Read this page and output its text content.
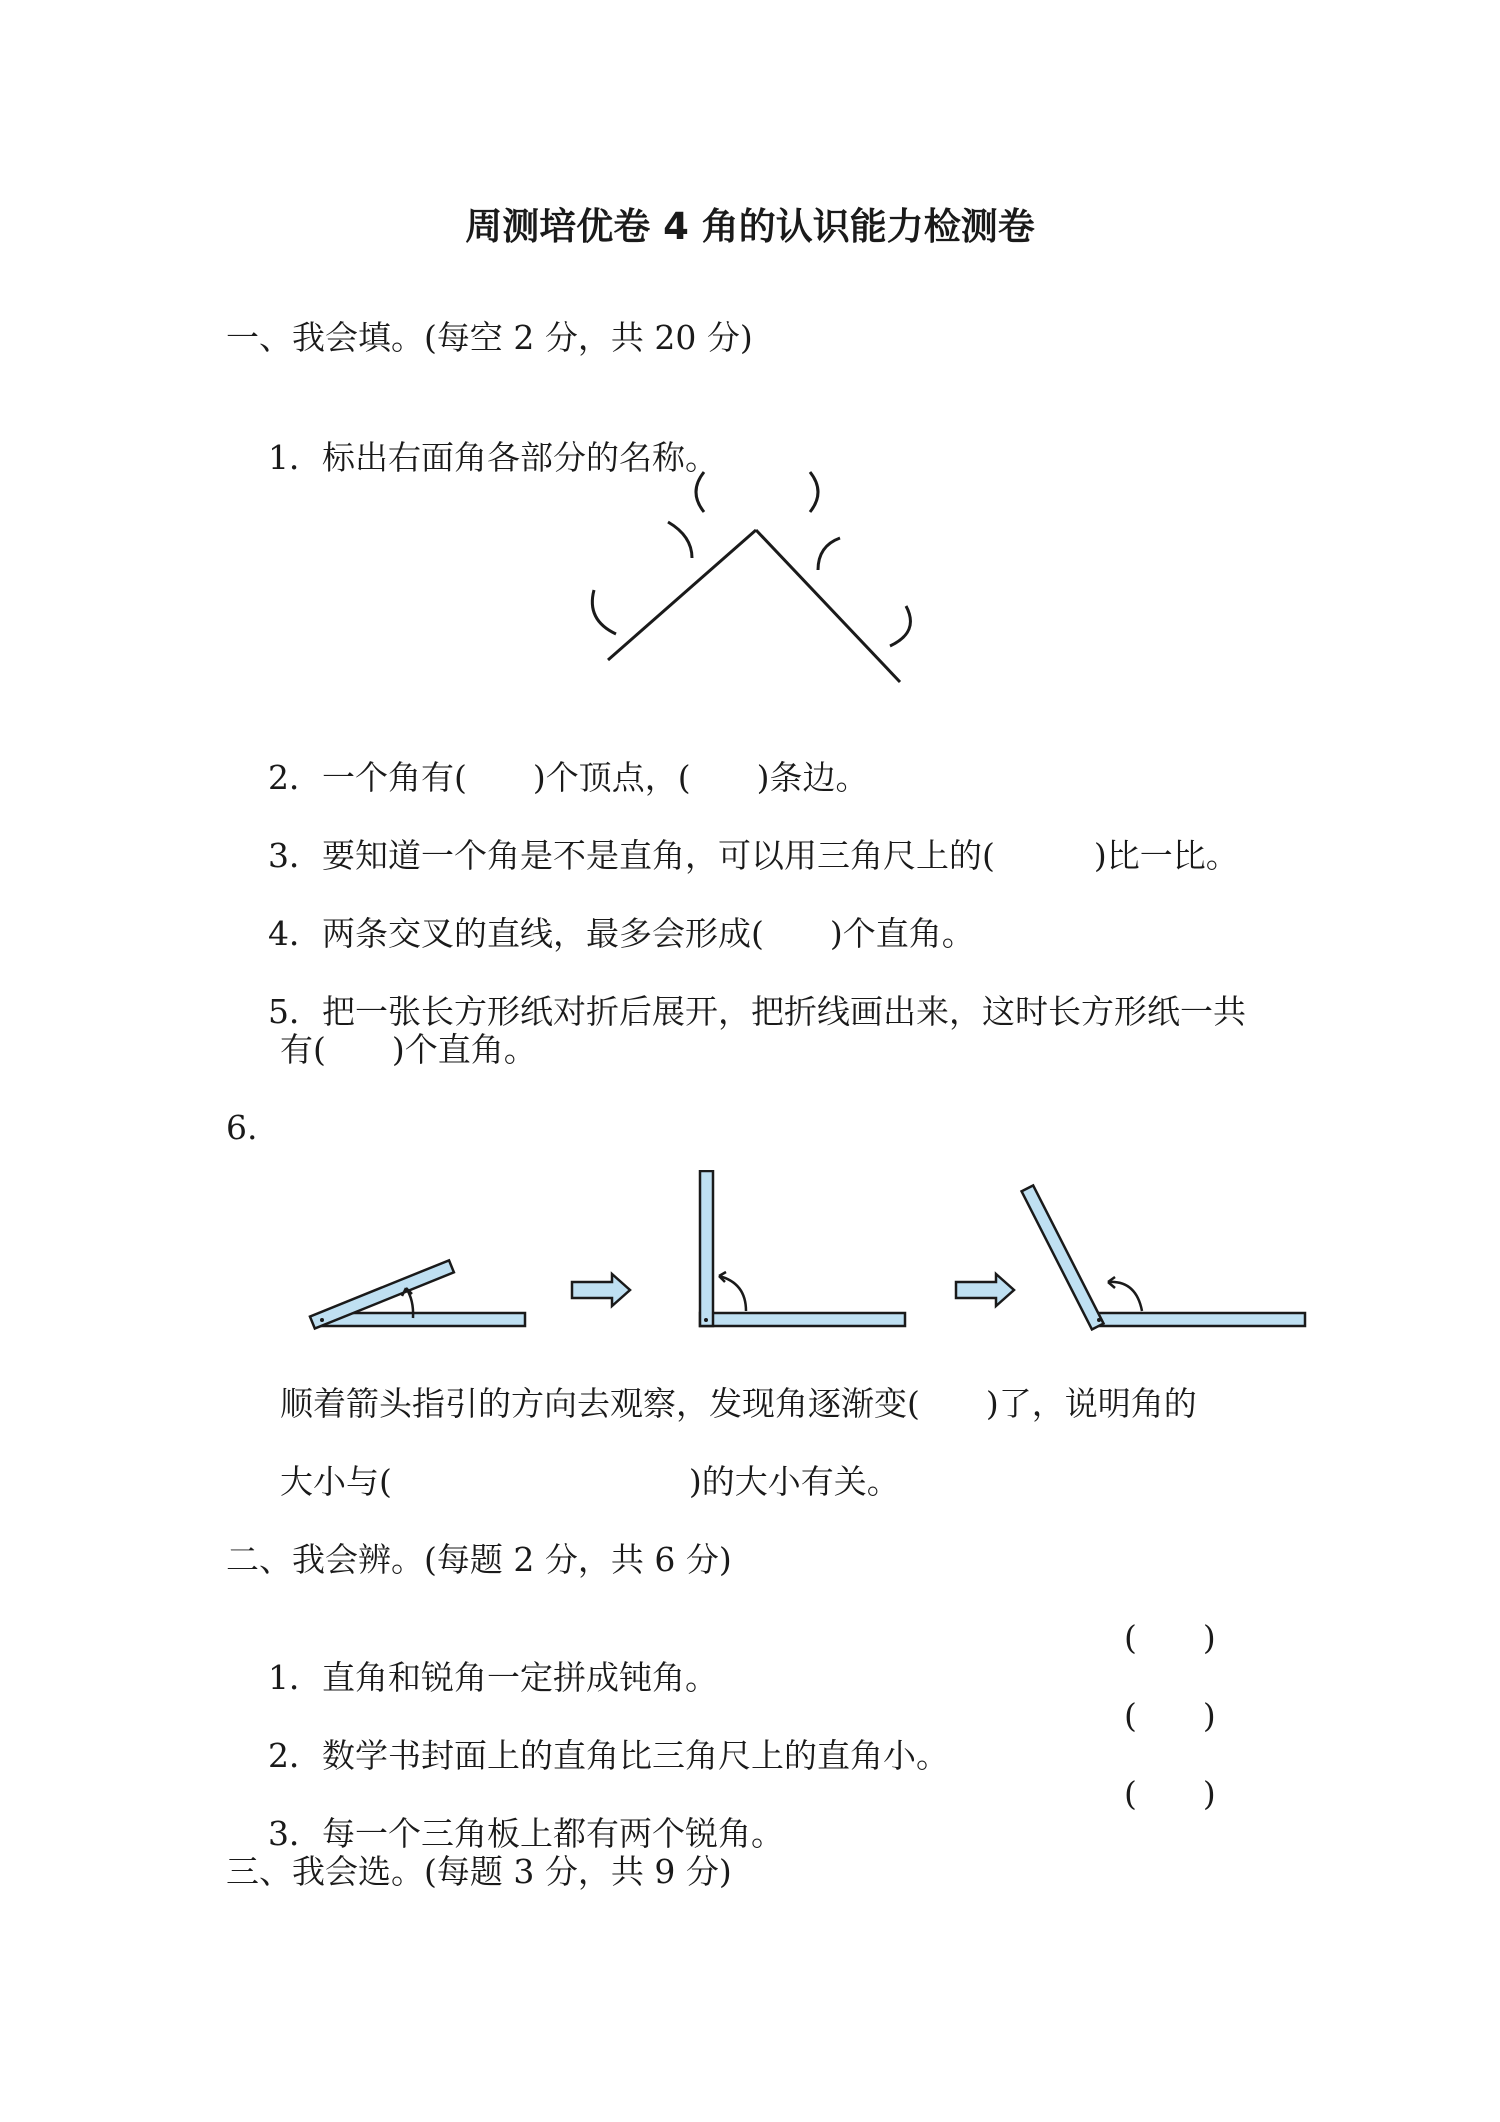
周测培优卷 4 角的认识能力检测卷
一、我会填。(每空 2 分，共 20 分)

1．标出右面角各部分的名称。

2．一个角有(　　)个顶点，(　　)条边。

3．要知道一个角是不是直角，可以用三角尺上的(　　　)比一比。

4．两条交叉的直线，最多会形成(　　)个直角。

5．把一张长方形纸对折后展开，把折线画出来，这时长方形纸一共

有(　　)个直角。
6.
顺着箭头指引的方向去观察，发现角逐渐变(　　)了，说明角的
大小与(　　　　　　　　　)的大小有关。
二、我会辨。(每题 2 分，共 6 分)

1．直角和锐角一定拼成钝角。

(　　)

2．数学书封面上的直角比三角尺上的直角小。

(　　)

3．每一个三角板上都有两个锐角。

(　　)
三、我会选。(每题 3 分，共 9 分)
